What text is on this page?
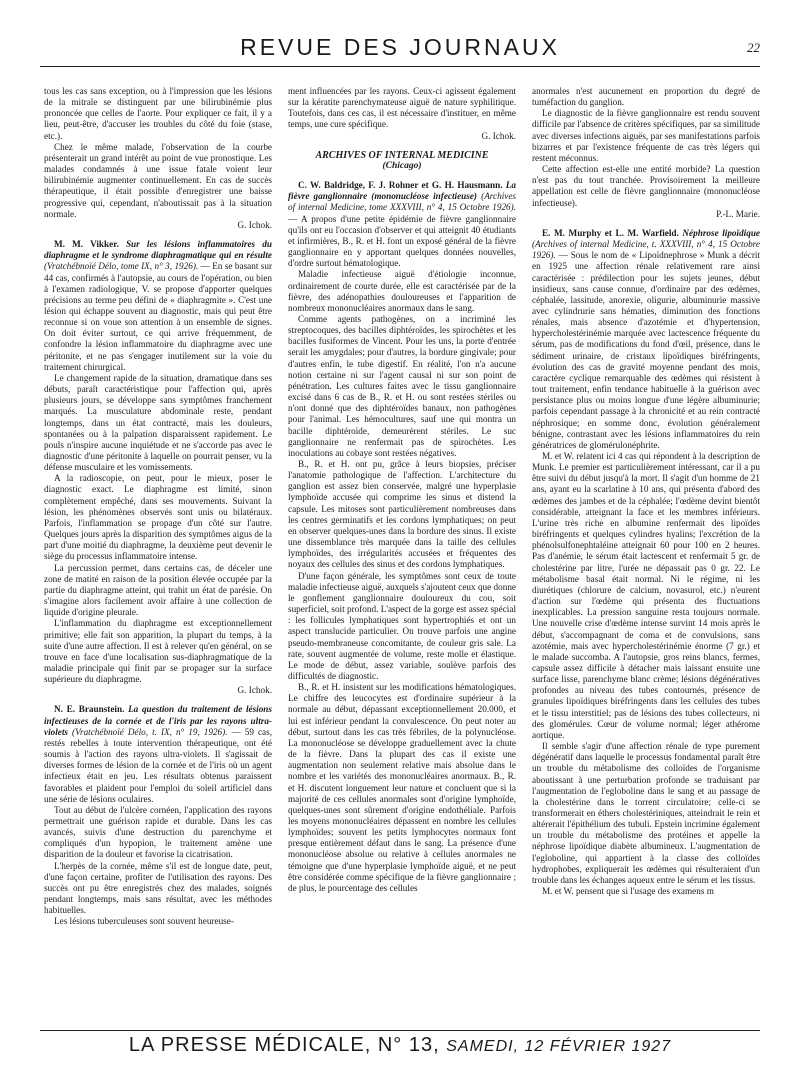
REVUE DES JOURNAUX	22

tous les cas sans exception, ou à l'impression que les lésions de la mitrale se distinguent par une bilirubinémie plus prononcée que celles de l'aorte. Pour expliquer ce fait, il y a lieu, peut-être, d'accuser les troubles du côté du foie (stase, etc.).

Chez le même malade, l'observation de la courbe présenterait un grand intérêt au point de vue pronostique. Les malades condamnés à une issue fatale voient leur bilirubinémie augmenter continuellement. En cas de succès thérapeutique, il était possible d'enregistrer une baisse progressive qui, cependant, n'aboutissait pas à la situation normale.

G. Ichok.

M. M. Vikker. Sur les lésions inflammatoires du diaphragme et le syndrome diaphragmatique qui en résulte (Vratchébnoïé Délo, tome IX, n° 3, 1926). — En se basant sur 44 cas, confirmés à l'autopsie, au cours de l'opération, ou bien à l'examen radiologique, V. se propose d'apporter quelques précisions au terme peu défini de « diaphragmite ». C'est une lésion qui échappe souvent au diagnostic, mais qui peut être reconnue si on voue son attention à un ensemble de signes. On doit éviter surtout, ce qui arrive fréquemment, de confondre la lésion inflammatoire du diaphragme avec une péritonite, et ne pas s'engager inutilement sur la voie du traitement chirurgical.

Le changement rapide de la situation, dramatique dans ses débuts, paraît caractéristique pour l'affection qui, après plusieurs jours, se développe sans symptômes franchement marqués. La musculature abdominale reste, pendant longtemps, dans un état contracté, mais les douleurs, spontanées ou à la palpation disparaissent rapidement. Le pouls n'inspire aucune inquiétude et ne s'accorde pas avec le diagnostic d'une péritonite à laquelle on pourrait penser, vu la défense musculaire et les vomissements.

A la radioscopie, on peut, pour le mieux, poser le diagnostic exact. Le diaphragme est limité, sinon complètement empêché, dans ses mouvements. Suivant la lésion, les phénomènes observés sont unis ou bilatéraux. Parfois, l'inflammation se propage d'un côté sur l'autre. Quelques jours après la disparition des symptômes aigus de la part d'une moitié du diaphragme, la deuxième peut devenir le siège du processus inflammatoire intense.

La percussion permet, dans certains cas, de déceler une zone de matité en raison de la position élevée occupée par la partie du diaphragme atteint, qui trahit un état de parésie. On s'imagine alors facilement avoir affaire à une collection de liquide d'origine pleurale.

L'inflammation du diaphragme est exceptionnellement primitive; elle fait son apparition, la plupart du temps, à la suite d'une autre affection. Il est à relever qu'en général, on se trouve en face d'une localisation sus-diaphragmatique de la maladie principale qui finit par se propager sur la surface supérieure du diaphragme.

G. Ichok.

N. E. Braunstein. La question du traitement de lésions infectieuses de la cornée et de l'iris par les rayons ultra-violets (Vratchébnoïé Délo, t. IX, n° 19, 1926). — 59 cas, restés rebelles à toute intervention thérapeutique, ont été soumis à l'action des rayons ultra-violets. Il s'agissait de diverses formes de lésion de la cornée et de l'iris où un agent infectieux était en jeu. Les résultats obtenus paraissent favorables et plaident pour l'emploi du soleil artificiel dans une série de lésions oculaires.

Tout au début de l'ulcère cornéen, l'application des rayons permettrait une guérison rapide et durable. Dans les cas avancés, suivis d'une destruction du parenchyme et compliqués d'un hypopion, le traitement amène une disparition de la douleur et favorise la cicatrisation.

L'herpès de la cornée, même s'il est de longue date, peut, d'une façon certaine, profiter de l'utilisation des rayons. Des succès ont pu être enregistrés chez des malades, soignés pendant longtemps, mais sans résultat, avec les méthodes habituelles.

Les lésions tuberculeuses sont souvent heureuse-

ment influencées par les rayons. Ceux-ci agissent également sur la kératite parenchymateuse aiguë de nature syphilitique. Toutefois, dans ces cas, il est nécessaire d'instituer, en même temps, une cure spécifique.

G. Ichok.

ARCHIVES OF INTERNAL MEDICINE

(Chicago)

C. W. Baldridge, F. J. Rohner et G. H. Hausmann. La fièvre ganglionnaire (mononucléose infectieuse) (Archives of internal Medicine, tome XXXVIII, n° 4, 15 Octobre 1926). — A propos d'une petite épidémie de fièvre ganglionnaire qu'ils ont eu l'occasion d'observer et qui atteignit 40 étudiants et infirmières, B., R. et H. font un exposé général de la fièvre ganglionnaire en y apportant quelques données nouvelles, d'ordre surtout hématologique.

Maladie infectieuse aiguë d'étiologie inconnue, ordinairement de courte durée, elle est caractérisée par de la fièvre, des adénopathies douloureuses et l'apparition de nombreux mononucléaires anormaux dans le sang.

Comme agents pathogènes, on a incriminé les streptocoques, des bacilles diphtéroïdes, les spirochètes et les bacilles fusiformes de Vincent. Pour les uns, la porte d'entrée serait les amygdales; pour d'autres, la bordure gingivale; pour d'autres enfin, le tube digestif. En réalité, l'on n'a aucune notion certaine ni sur l'agent causal ni sur son point de pénétration. Les cultures faites avec le tissu ganglionnaire excisé dans 6 cas de B., R. et H. ou sont restées stériles ou n'ont donné que des diphtéroïdes banaux, non pathogènes pour l'animal. Les hémocultures, sauf une qui montra un bacille diphtéroïde, demeurèrent stériles. Le suc ganglionnaire ne renfermait pas de spirochètes. Les inoculations au cobaye sont restées négatives.

B., R. et H. ont pu, grâce à leurs biopsies, préciser l'anatomie pathologique de l'affection. L'architecture du ganglion est assez bien conservée, malgré une hyperplasie lymphoïde accusée qui comprime les sinus et distend la capsule. Les mitoses sont particulièrement nombreuses dans les centres germinatifs et les cordons lymphatiques; on peut en observer quelques-unes dans la bordure des sinus. Il existe une dissemblance très marquée dans la taille des cellules lymphoïdes, des irrégularités accusées et fréquentes des noyaux des cellules des sinus et des cordons lymphatiques.

D'une façon générale, les symptômes sont ceux de toute maladie infectieuse aiguë, auxquels s'ajoutent ceux que donne le gonflement ganglionnaire douloureux du cou, soit superficiel, soit profond. L'aspect de la gorge est assez spécial : les follicules lymphatiques sont hypertrophiés et ont un aspect translucide particulier. On trouve parfois une angine pseudo-membraneuse concomitante, de couleur gris sale. La rate, souvent augmentée de volume, reste molle et élastique. Le mode de début, assez variable, soulève parfois des difficultés de diagnostic.

B., R. et H. insistent sur les modifications hématologiques. Le chiffre des leucocytes est d'ordinaire supérieur à la normale au début, dépassant exceptionnellement 20.000, et lui est inférieur pendant la convalescence. On peut noter au début, surtout dans les cas très fébriles, de la polynucléose. La mononucléose se développe graduellement avec la chute de la fièvre. Dans la plupart des cas il existe une augmentation non seulement relative mais absolue dans le nombre et les variétés des mononucléaires anormaux. B., R. et H. discutent longuement leur nature et concluent que si la majorité de ces cellules anormales sont d'origine lymphoïde, quelques-unes sont sûrement d'origine endothéliale. Parfois les moyens mononucléaires dépassent en nombre les cellules lymphoïdes; souvent les petits lymphocytes normaux font presque entièrement défaut dans le sang. La présence d'une mononucléose absolue ou relative à cellules anormales ne témoigne que d'une hyperplasie lymphoïde aiguë, et ne peut être considérée comme spécifique de la fièvre ganglionnaire ; de plus, le pourcentage des cellules

anormales n'est aucunement en proportion du degré de tuméfaction du ganglion.

Le diagnostic de la fièvre ganglionnaire est rendu souvent difficile par l'absence de critères spécifiques, par sa similitude avec diverses infections aiguës, par ses manifestations parfois bizarres et par l'existence fréquente de cas très légers qui restent méconnus.

Cette affection est-elle une entité morbide? La question n'est pas du tout tranchée. Provisoirement la meilleure appellation est celle de fièvre ganglionnaire (mononucléose infectieuse).

P.-L. Marie.

E. M. Murphy et L. M. Warfield. Néphrose lipoïdique (Archives of internal Medicine, t. XXXVIII, n° 4, 15 Octobre 1926). — Sous le nom de « Lipoïdnephrose » Munk a décrit en 1925 une affection rénale relativement rare ainsi caractérisée : prédilection pour les sujets jeunes, début insidieux, sans cause connue, d'ordinaire par des œdèmes, céphalée, lassitude, anorexie, oligurie, albuminurie massive avec cylindrurie sans hématies, diminution des fonctions rénales, mais absence d'azotémie et d'hypertension, hypercholestérinémie marquée avec lactescence fréquente du sérum, pas de modifications du fond d'œil, présence, dans le sédiment urinaire, de cristaux lipoïdiques biréfringents, évolution des cas de gravité moyenne pendant des mois, caractère cyclique remarquable des œdèmes qui résistent à tout traitement, enfin tendance habituelle à la guérison avec persistance plus ou moins longue d'une légère albuminurie; parfois cependant passage à la chronicité et au rein contracté néphrosique; en somme donc, évolution généralement bénigne, contrastant avec les lésions inflammatoires du rein génératrices de glomérulonéphrite.

M. et W. relatent ici 4 cas qui répondent à la description de Munk. Le premier est particulièrement intéressant, car il a pu être suivi du début jusqu'à la mort. Il s'agit d'un homme de 21 ans, ayant eu la scarlatine à 10 ans, qui présenta d'abord des œdèmes des jambes et de la céphalée; l'œdème devint bientôt considérable, atteignant la face et les membres inférieurs. L'urine très riche en albumine renfermait des lipoïdes biréfringents et quelques cylindres hyalins; l'excrétion de la phénolsulfonephtaléine atteignait 60 pour 100 en 2 heures. Pas d'anémie, le sérum était lactescent et renfermait 5 gr. de cholestérine par litre, l'urée ne dépassait pas 0 gr. 22. Le métabolisme basal était normal. Ni le régime, ni les diurétiques (chlorure de calcium, novasurol, etc.) n'eurent d'action sur l'œdème qui présenta des fluctuations inexplicables. La pression sanguine resta toujours normale. Une nouvelle crise d'œdème intense survint 14 mois après le début, s'accompagnant de coma et de convulsions, sans azotémie, mais avec hypercholestérinémie énorme (7 gr.) et le malade succomba. A l'autopsie, gros reins blancs, fermes, capsule assez difficile à détacher mais laissant ensuite une surface lisse, parenchyme blanc crème; lésions dégénératives profondes au niveau des tubes contournés, présence de granules lipoïdiques biréfringents dans les cellules des tubes et le tissu interstitiel; pas de lésions des tubes collecteurs, ni des glomérules. Cœur de volume normal; léger athérome aortique.

Il semble s'agir d'une affection rénale de type purement dégénératif dans laquelle le processus fondamental paraît être un trouble du métabolisme des colloïdes de l'organisme aboutissant à une perturbation profonde se traduisant par l'augmentation de l'egloboline dans le sang et au passage de la cholestérine dans le torrent circulatoire; celle-ci se transformerait en éthers cholestériniques, atteindrait le rein et altérerait l'épithélium des tubuli. Epstein incrimine également un trouble du métabolisme des protéines et appelle la néphrose lipoïdique diabète albumineux. L'augmentation de l'egloboline, qui appartient à la classe des colloïdes hydrophobes, expliquerait les œdèmes qui résulteraient d'un trouble dans les échanges aqueux entre le sérum et les tissus.

M. et W. pensent que si l'usage des examens m

LA PRESSE MÉDICALE, N° 13, SAMEDI, 12 FÉVRIER 1927
